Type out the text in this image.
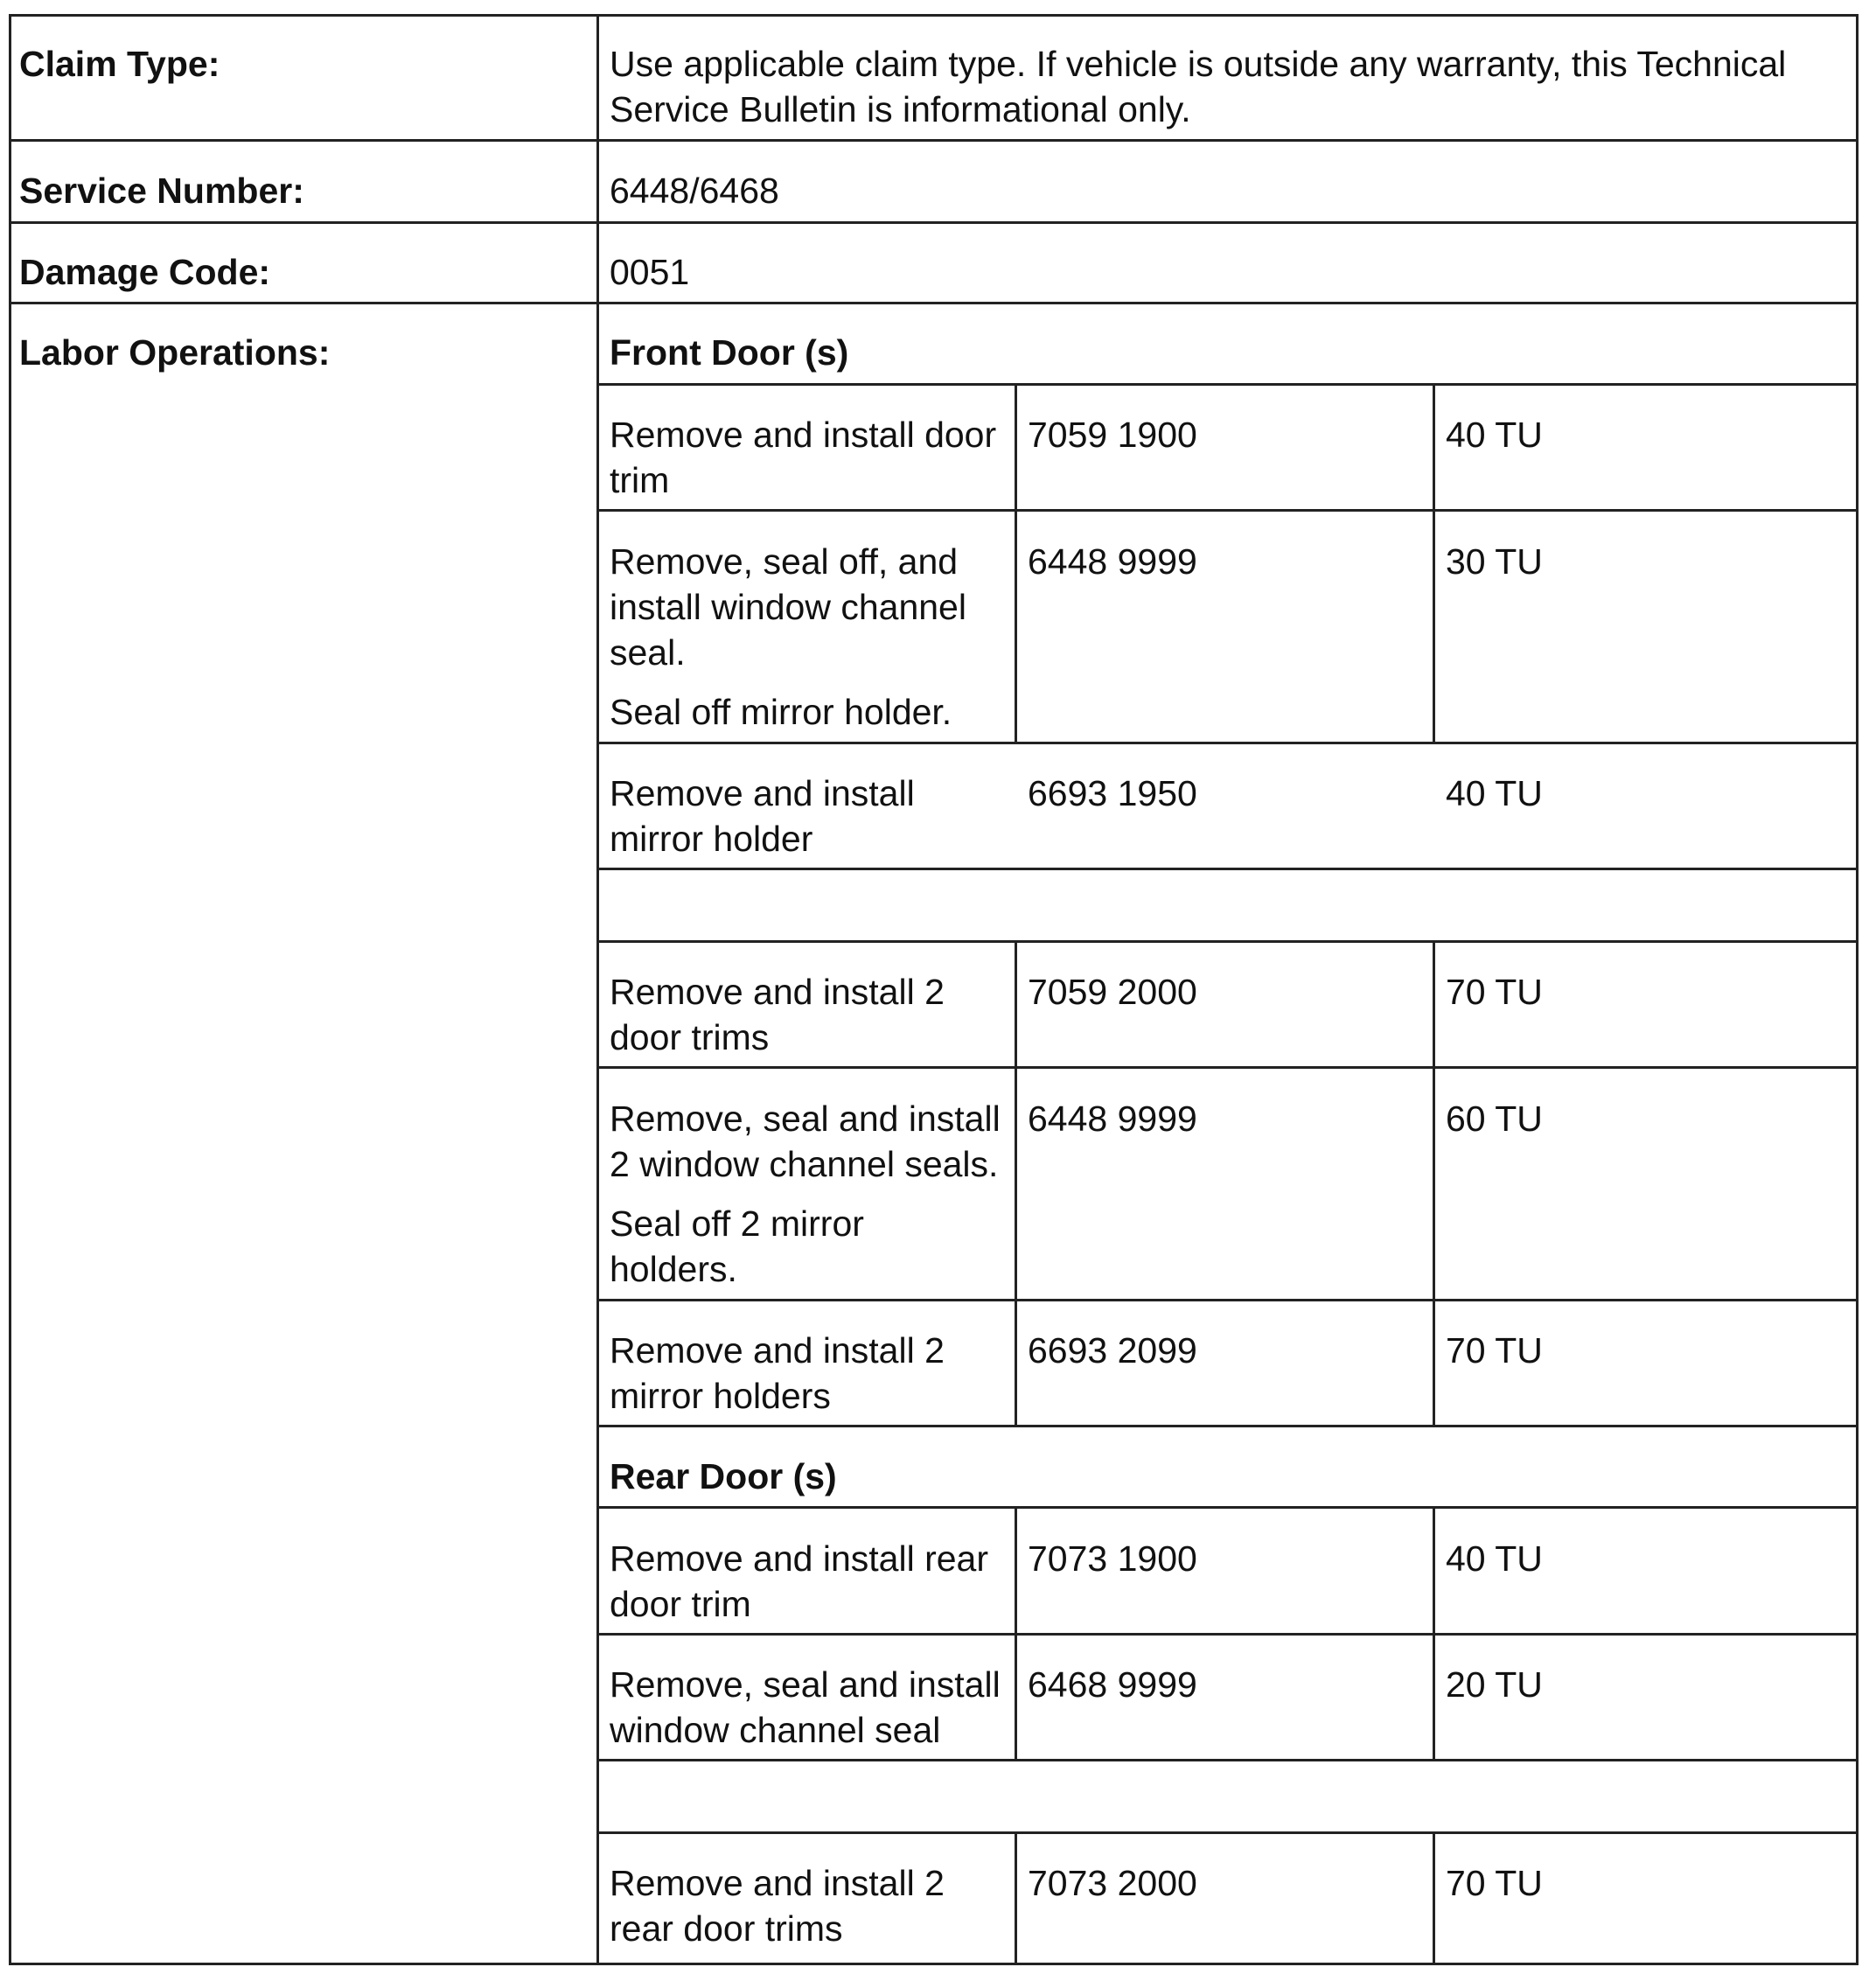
Claim Type:	Use applicable claim type. If vehicle is outside any warranty, this Technical
Service Bulletin is informational only.
Service Number:	6448/6468
Damage Code:	0051
Labor Operations:	Front Door (s)
Remove and install door
trim
7059 1900	40 TU
Remove, seal off, and
install window channel
seal.
Seal off mirror holder.
6448 9999	30 TU
Remove and install
mirror holder
6693 1950	40 TU
Remove and install 2
door trims
7059 2000	70 TU
Remove, seal and install
2 window channel seals.
Seal off 2 mirror
holders.
6448 9999	60 TU
Remove and install 2
mirror holders
6693 2099	70 TU
Rear Door (s)
Remove and install rear
door trim
7073 1900	40 TU
Remove, seal and install
window channel seal
6468 9999	20 TU
Remove and install 2
rear door trims
7073 2000	70 TU
